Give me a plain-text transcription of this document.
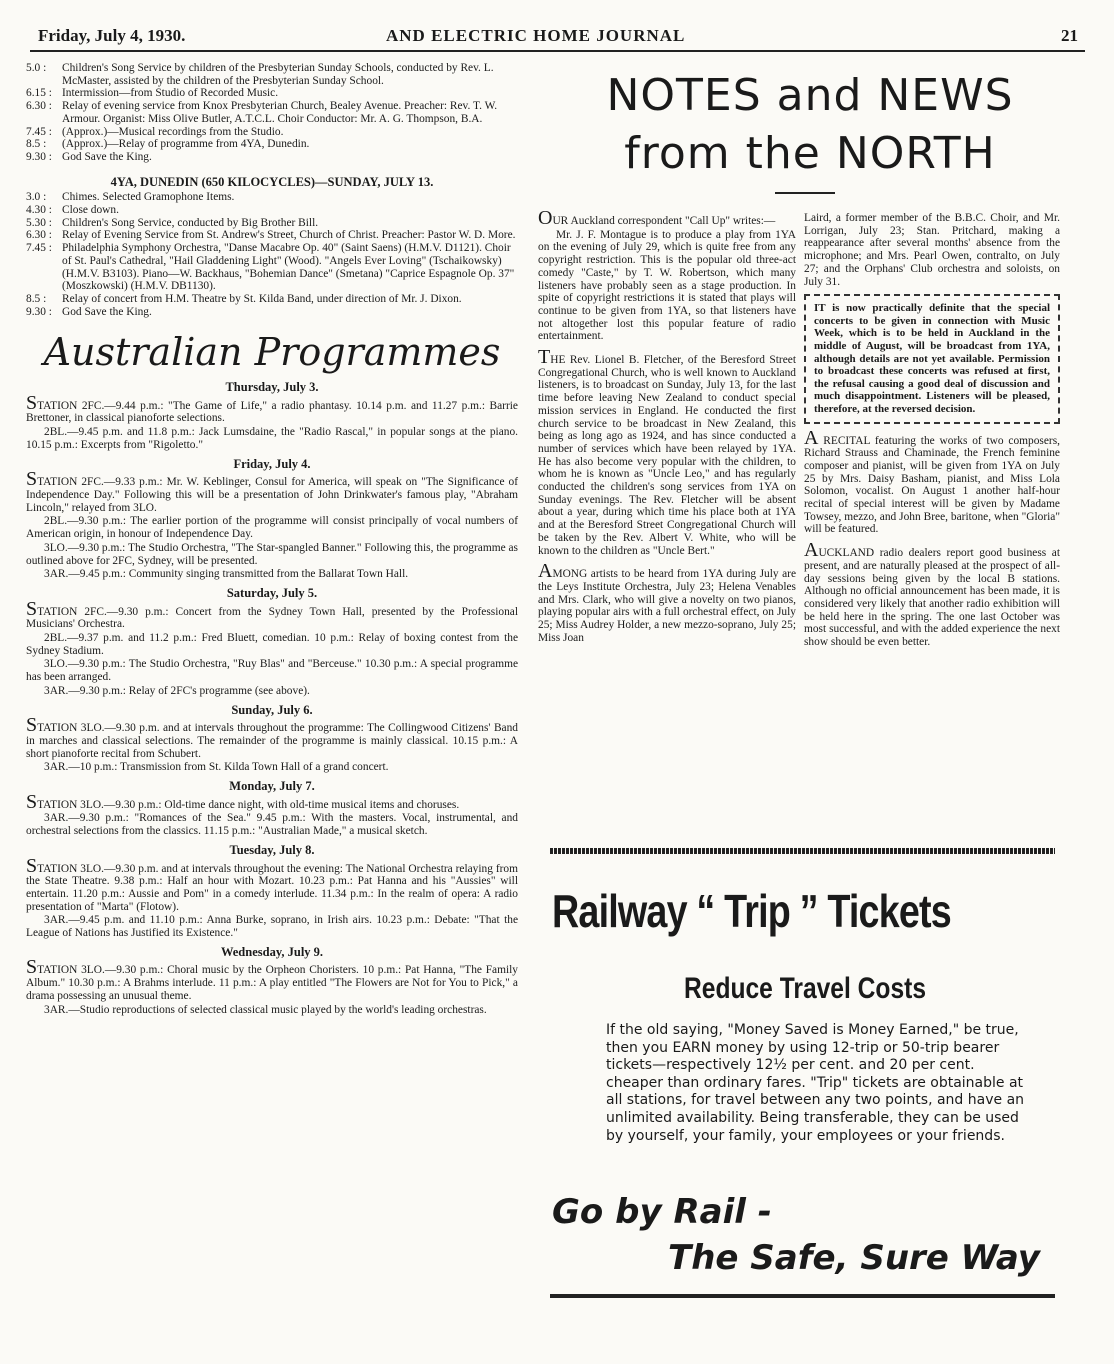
Friday, July 4, 1930.	AND ELECTRIC HOME JOURNAL	21
5.0 :	Children's Song Service by children of the Presbyterian Sunday Schools, conducted by Rev. L. McMaster, assisted by the children of the Presbyterian Sunday School.
6.15 : Intermission—from Studio of Recorded Music.
6.30 : Relay of evening service from Knox Presbyterian Church, Bealey Avenue. Preacher: Rev. T. W. Armour. Organist: Miss Olive Butler, A.T.C.L. Choir Conductor: Mr. A. G. Thompson, B.A.
7.45 : (Approx.)—Musical recordings from the Studio.
8.5 :	(Approx.)—Relay of programme from 4YA, Dunedin.
9.30 : God Save the King.
4YA, DUNEDIN (650 KILOCYCLES)—SUNDAY, JULY 13.
3.0 :	Chimes. Selected Gramophone Items.
4.30 : Close down.
5.30 : Children's Song Service, conducted by Big Brother Bill.
6.30 : Relay of Evening Service from St. Andrew's Street, Church of Christ. Preacher: Pastor W. D. More.
7.45 : Philadelphia Symphony Orchestra, "Danse Macabre Op. 40" (Saint Saens) (H.M.V. D1121). Choir of St. Paul's Cathedral, "Hail Gladdening Light" (Wood). "Angels Ever Loving" (Tschaikowsky) (H.M.V. B3103). Piano—W. Backhaus, "Bohemian Dance" (Smetana) "Caprice Espagnole Op. 37" (Moszkowski) (H.M.V. DB1130).
8.5 :	Relay of concert from H.M. Theatre by St. Kilda Band, under direction of Mr. J. Dixon.
9.30 : God Save the King.
Australian Programmes
Thursday, July 3.

STATION 2FC.—9.44 p.m.: "The Game of Life," a radio phantasy. 10.14 p.m. and 11.27 p.m.: Barrie Brettoner, in classical pianoforte selections.

2BL.—9.45 p.m. and 11.8 p.m.: Jack Lumsdaine, the "Radio Rascal," in popular songs at the piano. 10.15 p.m.: Excerpts from "Rigoletto."

Friday, July 4.

STATION 2FC.—9.33 p.m.: Mr. W. Keblinger, Consul for America, will speak on "The Significance of Independence Day." Following this will be a presentation of John Drinkwater's famous play, "Abraham Lincoln," relayed from 3LO.

2BL.—9.30 p.m.: The earlier portion of the programme will consist principally of vocal numbers of American origin, in honour of Independence Day.

3LO.—9.30 p.m.: The Studio Orchestra, "The Star-spangled Banner." Following this, the programme as outlined above for 2FC, Sydney, will be presented.

3AR.—9.45 p.m.: Community singing transmitted from the Ballarat Town Hall.

Saturday, July 5.

STATION 2FC.—9.30 p.m.: Concert from the Sydney Town Hall, presented by the Professional Musicians' Orchestra.

2BL.—9.37 p.m. and 11.2 p.m.: Fred Bluett, comedian. 10 p.m.: Relay of boxing contest from the Sydney Stadium.

3LO.—9.30 p.m.: The Studio Orchestra, "Ruy Blas" and "Berceuse." 10.30 p.m.: A special programme has been arranged.

3AR.—9.30 p.m.: Relay of 2FC's programme (see above).

Sunday, July 6.

STATION 3LO.—9.30 p.m. and at intervals throughout the programme: The Collingwood Citizens' Band in marches and classical selections. The remainder of the programme is mainly classical. 10.15 p.m.: A short pianoforte recital from Schubert.

3AR.—10 p.m.: Transmission from St. Kilda Town Hall of a grand concert.

Monday, July 7.

STATION 3LO.—9.30 p.m.: Old-time dance night, with old-time musical items and choruses.

3AR.—9.30 p.m.: "Romances of the Sea." 9.45 p.m.: With the masters. Vocal, instrumental, and orchestral selections from the classics. 11.15 p.m.: "Australian Made," a musical sketch.

Tuesday, July 8.

STATION 3LO.—9.30 p.m. and at intervals throughout the evening: The National Orchestra relaying from the State Theatre. 9.38 p.m.: Half an hour with Mozart. 10.23 p.m.: Pat Hanna and his "Aussies" will entertain. 11.20 p.m.: Aussie and Pom" in a comedy interlude. 11.34 p.m.: In the realm of opera: A radio presentation of "Marta" (Flotow).

3AR.—9.45 p.m. and 11.10 p.m.: Anna Burke, soprano, in Irish airs. 10.23 p.m.: Debate: "That the League of Nations has Justified its Existence."

Wednesday, July 9.

STATION 3LO.—9.30 p.m.: Choral music by the Orpheon Choristers. 10 p.m.: Pat Hanna, "The Family Album." 10.30 p.m.: A Brahms interlude. 11 p.m.: A play entitled "The Flowers are Not for You to Pick," a drama possessing an unusual theme.

3AR.—Studio reproductions of selected classical music played by the world's leading orchestras.

NOTES and NEWS
from the NORTH

OUR Auckland correspondent "Call Up" writes:—

Mr. J. F. Montague is to produce a play from 1YA on the evening of July 29, which is quite free from any copyright restriction. This is the popular old three-act comedy "Caste," by T. W. Robertson, which many listeners have probably seen as a stage production. In spite of copyright restrictions it is stated that plays will continue to be given from 1YA, so that listeners have not altogether lost this popular feature of radio entertainment.

THE Rev. Lionel B. Fletcher, of the Beresford Street Congregational Church, who is well known to Auckland listeners, is to broadcast on Sunday, July 13, for the last time before leaving New Zealand to conduct special mission services in England. He conducted the first church service to be broadcast in New Zealand, this being as long ago as 1924, and has since conducted a number of services which have been relayed by 1YA. He has also become very popular with the children, to whom he is known as "Uncle Leo," and has regularly conducted the children's song services from 1YA on Sunday evenings. The Rev. Fletcher will be absent about a year, during which time his place both at 1YA and at the Beresford Street Congregational Church will be taken by the Rev. Albert V. White, who will be known to the children as "Uncle Bert."

AMONG artists to be heard from 1YA during July are the Leys Institute Orchestra, July 23; Helena Venables and Mrs. Clark, who will give a novelty on two pianos, playing popular airs with a full orchestral effect, on July 25; Miss Audrey Holder, a new mezzo-soprano, July 25; Miss Joan

Laird, a former member of the B.B.C. Choir, and Mr. Lorrigan, July 23; Stan. Pritchard, making a reappearance after several months' absence from the microphone; and Mrs. Pearl Owen, contralto, on July 27; and the Orphans' Club orchestra and soloists, on July 31.

IT is now practically definite that the special concerts to be given in connection with Music Week, which is to be held in Auckland in the middle of August, will be broadcast from 1YA, although details are not yet available. Permission to broadcast these concerts was refused at first, the refusal causing a good deal of discussion and much disappointment. Listeners will be pleased, therefore, at the reversed decision.

A RECITAL featuring the works of two composers, Richard Strauss and Chaminade, the French feminine composer and pianist, will be given from 1YA on July 25 by Mrs. Daisy Basham, pianist, and Miss Lola Solomon, vocalist. On August 1 another half-hour recital of special interest will be given by Madame Towsey, mezzo, and John Bree, baritone, when "Gloria" will be featured.

AUCKLAND radio dealers report good business at present, and are naturally pleased at the prospect of all-day sessions being given by the local B stations. Although no official announcement has been made, it is considered very likely that another radio exhibition will be held here in the spring. The one last October was most successful, and with the added experience the next show should be even better.

Railway “ Trip ” Tickets
Reduce Travel Costs
If the old saying, "Money Saved is Money Earned," be true, then you EARN money by using 12-trip or 50-trip bearer tickets—respectively 12½ per cent. and 20 per cent. cheaper than ordinary fares. "Trip" tickets are obtainable at all stations, for travel between any two points, and have an unlimited availability. Being transferable, they can be used by yourself, your family, your employees or your friends.
Go by Rail -
The Safe, Sure Way
